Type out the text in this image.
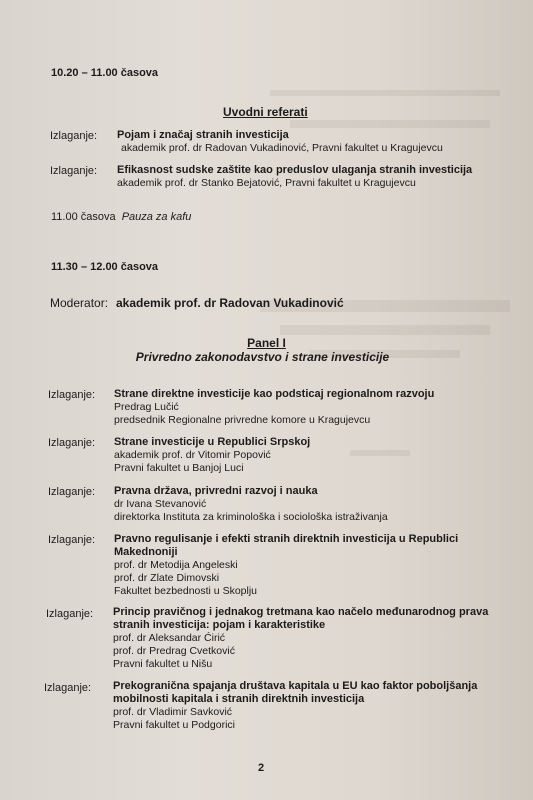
10.20 – 11.00 časova
Uvodni referati
Izlaganje: Pojam i značaj stranih investicija
akademik prof. dr Radovan Vukadinović, Pravni fakultet u Kragujevcu
Izlaganje: Efikasnost sudske zaštite kao preduslov ulaganja stranih investicija
akademik prof. dr Stanko Bejatović, Pravni fakultet u Kragujevcu
11.00 časova Pauza za kafu
11.30 – 12.00 časova
Moderator: akademik prof. dr Radovan Vukadinović
Panel I
Privredno zakonodavstvo i strane investicije
Izlaganje: Strane direktne investicije kao podsticaj regionalnom razvoju
Predrag Lučić
predsednik Regionalne privredne komore u Kragujevcu
Izlaganje: Strane investicije u Republici Srpskoj
akademik prof. dr Vitomir Popović
Pravni fakultet u Banjoj Luci
Izlaganje: Pravna država, privredni razvoj i nauka
dr Ivana Stevanović
direktorka Instituta za kriminološka i sociološka istraživanja
Izlaganje: Pravno regulisanje i efekti stranih direktnih investicija u Republici
Makednoniji
prof. dr Metodija Angeleski
prof. dr Zlate Dimovski
Fakultet bezbednosti u Skoplju
Izlaganje: Princip pravičnog i jednakog tretmana kao načelo međunarodnog prava
stranih investicija: pojam i karakteristike
prof. dr Aleksandar Ćirić
prof. dr Predrag Cvetković
Pravni fakultet u Nišu
Izlaganje: Prekogranična spajanja društava kapitala u EU kao faktor poboljšanja
mobilnosti kapitala i stranih direktnih investicija
prof. dr Vladimir Savković
Pravni fakultet u Podgorici
2
